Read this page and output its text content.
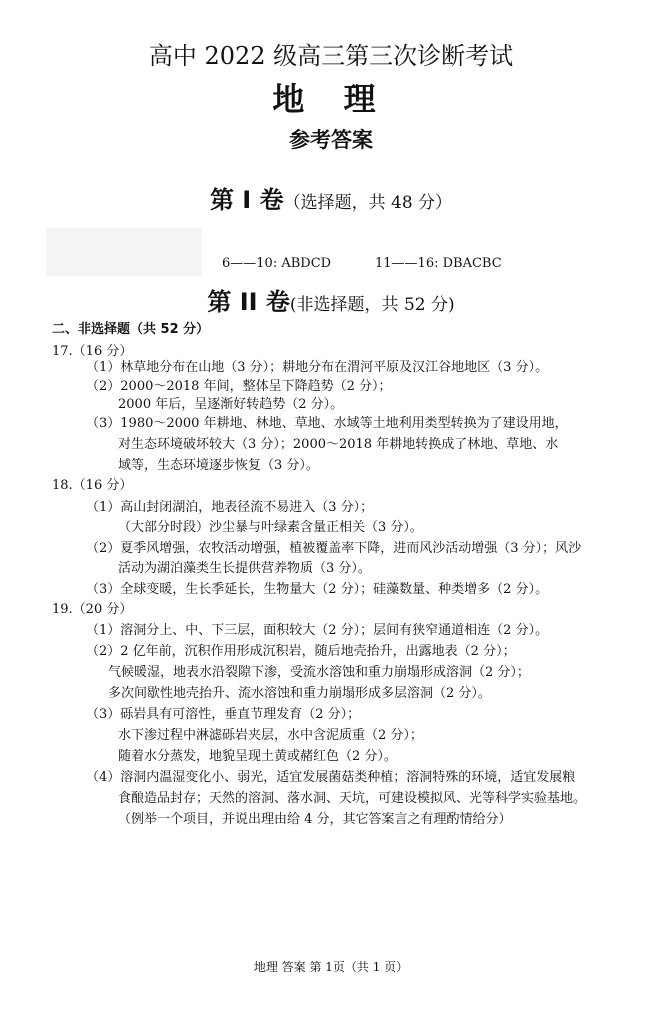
高中 2022 级高三第三次诊断考试
地 理
参考答案
第 I 卷（选择题，共 48 分）
6——10: ABDCD	11——16: DBACBC
第 II 卷(非选择题，共 52 分)
二、非选择题（共 52 分）
17.（16 分）
（1）林草地分布在山地（3 分）；耕地分布在渭河平原及汉江谷地地区（3 分）。
（2）2000～2018 年间，整体呈下降趋势（2 分）；
2000 年后，呈逐渐好转趋势（2 分）。
（3）1980～2000 年耕地、林地、草地、水域等土地利用类型转换为了建设用地，
对生态环境破坏较大（3 分）；2000～2018 年耕地转换成了林地、草地、水
域等，生态环境逐步恢复（3 分）。
18.（16 分）
（1）高山封闭湖泊，地表径流不易进入（3 分）；
（大部分时段）沙尘暴与叶绿素含量正相关（3 分）。
（2）夏季风增强，农牧活动增强，植被覆盖率下降，进而风沙活动增强（3 分）；风沙
活动为湖泊藻类生长提供营养物质（3 分）。
（3）全球变暖，生长季延长，生物量大（2 分）；硅藻数量、种类增多（2 分）。
19.（20 分）
（1）溶洞分上、中、下三层，面积较大（2 分）；层间有狭窄通道相连（2 分）。
（2）2 亿年前，沉积作用形成沉积岩，随后地壳抬升，出露地表（2 分）；
气候暖湿，地表水沿裂隙下渗，受流水溶蚀和重力崩塌形成溶洞（2 分）；
多次间歇性地壳抬升、流水溶蚀和重力崩塌形成多层溶洞（2 分）。
（3）砾岩具有可溶性，垂直节理发育（2 分）；
水下渗过程中淋滤砾岩夹层，水中含泥质重（2 分）；
随着水分蒸发，地貌呈现土黄或赭红色（2 分）。
（4）溶洞内温湿变化小、弱光，适宜发展菌菇类种植；溶洞特殊的环境，适宜发展粮
食酿造品封存；天然的溶洞、落水洞、天坑，可建设模拟风、光等科学实验基地。
（例举一个项目，并说出理由给 4 分，其它答案言之有理酌情给分）
地理 答案 第 1页（共 1 页）
